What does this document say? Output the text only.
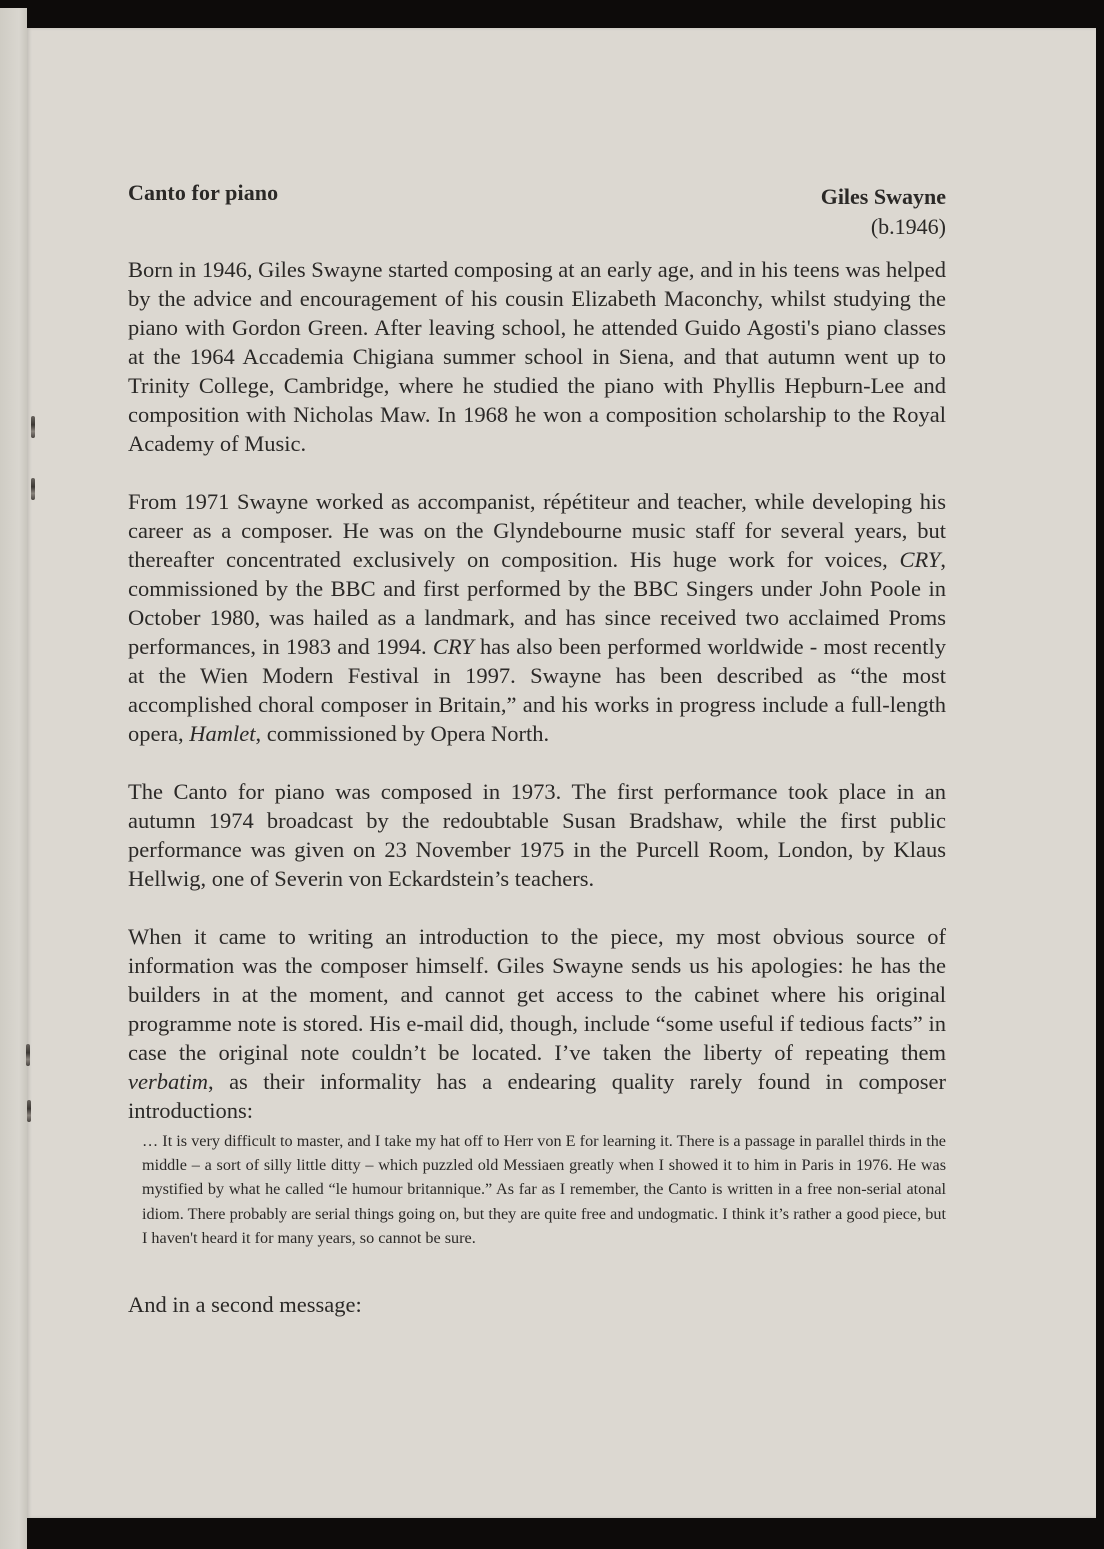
Canto for piano	Giles Swayne
(b.1946)

Born in 1946, Giles Swayne started composing at an early age, and in his teens was helped by the advice and encouragement of his cousin Elizabeth Maconchy, whilst studying the piano with Gordon Green. After leaving school, he attended Guido Agosti's piano classes at the 1964 Accademia Chigiana summer school in Siena, and that autumn went up to Trinity College, Cambridge, where he studied the piano with Phyllis Hepburn-Lee and composition with Nicholas Maw. In 1968 he won a composition scholarship to the Royal Academy of Music.

From 1971 Swayne worked as accompanist, répétiteur and teacher, while developing his career as a composer. He was on the Glyndebourne music staff for several years, but thereafter concentrated exclusively on composition. His huge work for voices, CRY, commissioned by the BBC and first performed by the BBC Singers under John Poole in October 1980, was hailed as a landmark, and has since received two acclaimed Proms performances, in 1983 and 1994. CRY has also been performed worldwide - most recently at the Wien Modern Festival in 1997. Swayne has been described as “the most accomplished choral composer in Britain,” and his works in progress include a full-length opera, Hamlet, commissioned by Opera North.

The Canto for piano was composed in 1973. The first performance took place in an autumn 1974 broadcast by the redoubtable Susan Bradshaw, while the first public performance was given on 23 November 1975 in the Purcell Room, London, by Klaus Hellwig, one of Severin von Eckardstein’s teachers.

When it came to writing an introduction to the piece, my most obvious source of information was the composer himself. Giles Swayne sends us his apologies: he has the builders in at the moment, and cannot get access to the cabinet where his original programme note is stored. His e-mail did, though, include “some useful if tedious facts” in case the original note couldn’t be located. I’ve taken the liberty of repeating them verbatim, as their informality has a endearing quality rarely found in composer introductions:

… It is very difficult to master, and I take my hat off to Herr von E for learning it. There is a passage in parallel thirds in the middle – a sort of silly little ditty – which puzzled old Messiaen greatly when I showed it to him in Paris in 1976. He was mystified by what he called “le humour britannique.” As far as I remember, the Canto is written in a free non-serial atonal idiom. There probably are serial things going on, but they are quite free and undogmatic. I think it’s rather a good piece, but I haven't heard it for many years, so cannot be sure.
And in a second message:
